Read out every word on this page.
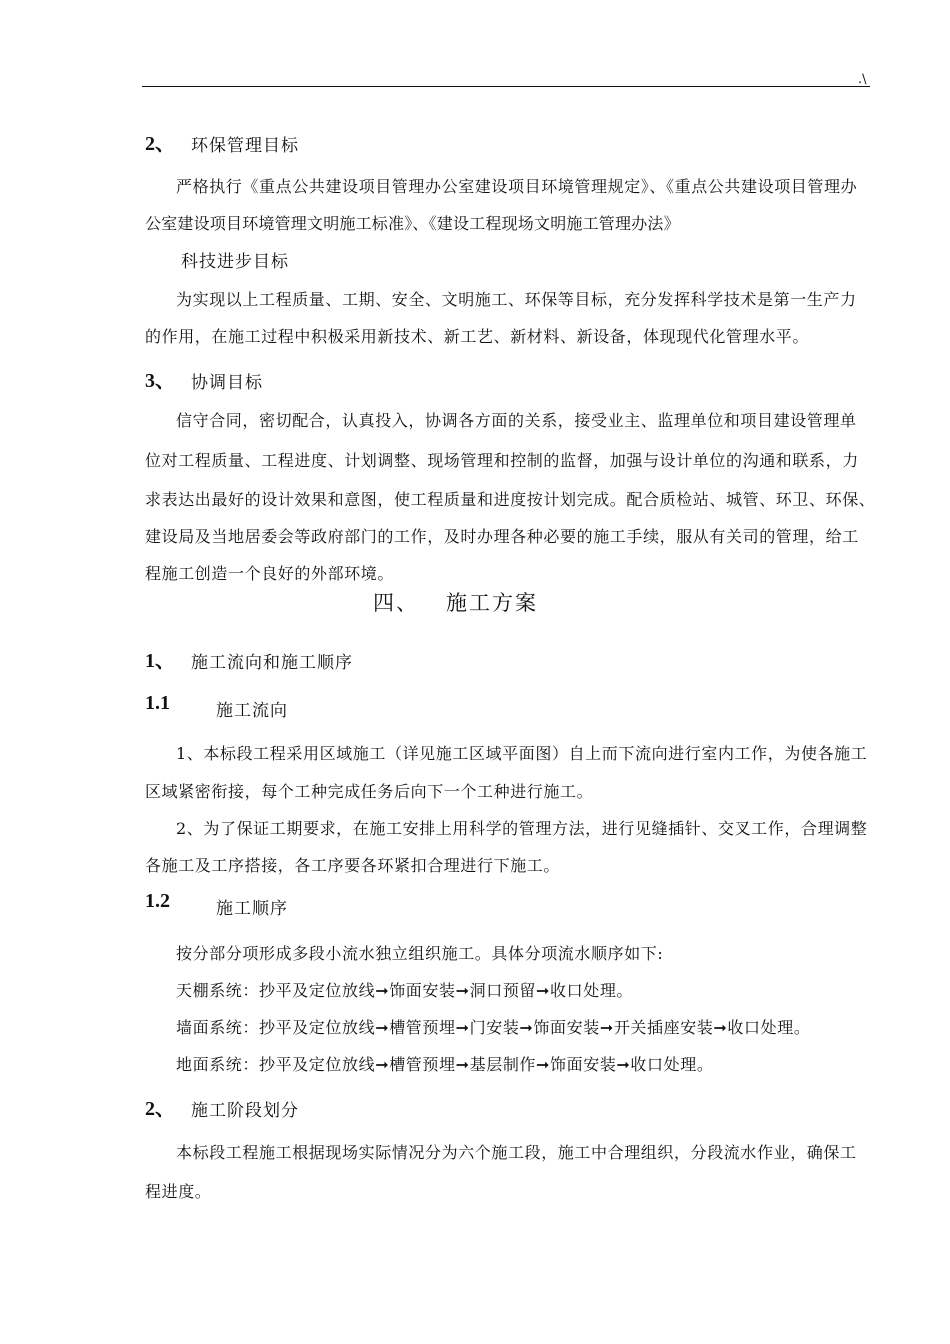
.\
2、 环保管理目标
严格执行《重点公共建设项目管理办公室建设项目环境管理规定》、《重点公共建设项目管理办
公室建设项目环境管理文明施工标准》、《建设工程现场文明施工管理办法》
科技进步目标
为实现以上工程质量、工期、安全、文明施工、环保等目标，充分发挥科学技术是第一生产力
的作用，在施工过程中积极采用新技术、新工艺、新材料、新设备，体现现代化管理水平。
3、 协调目标
信守合同，密切配合，认真投入，协调各方面的关系，接受业主、监理单位和项目建设管理单
位对工程质量、工程进度、计划调整、现场管理和控制的监督，加强与设计单位的沟通和联系，力
求表达出最好的设计效果和意图，使工程质量和进度按计划完成。配合质检站、城管、环卫、环保、
建设局及当地居委会等政府部门的工作，及时办理各种必要的施工手续，服从有关司的管理，给工
程施工创造一个良好的外部环境。
四、 施工方案
1、 施工流向和施工顺序
1.1	施工流向
1、本标段工程采用区域施工（详见施工区域平面图）自上而下流向进行室内工作，为使各施工
区域紧密衔接，每个工种完成任务后向下一个工种进行施工。
2、为了保证工期要求，在施工安排上用科学的管理方法，进行见缝插针、交叉工作，合理调整
各施工及工序搭接，各工序要各环紧扣合理进行下施工。
1.2	施工顺序
按分部分项形成多段小流水独立组织施工。具体分项流水顺序如下:
天棚系统：抄平及定位放线➞饰面安装➞洞口预留➞收口处理。
墙面系统：抄平及定位放线➞槽管预埋➞门安装➞饰面安装➞开关插座安装➞收口处理。
地面系统：抄平及定位放线➞槽管预埋➞基层制作➞饰面安装➞收口处理。
2、 施工阶段划分
本标段工程施工根据现场实际情况分为六个施工段，施工中合理组织，分段流水作业，确保工
程进度。
